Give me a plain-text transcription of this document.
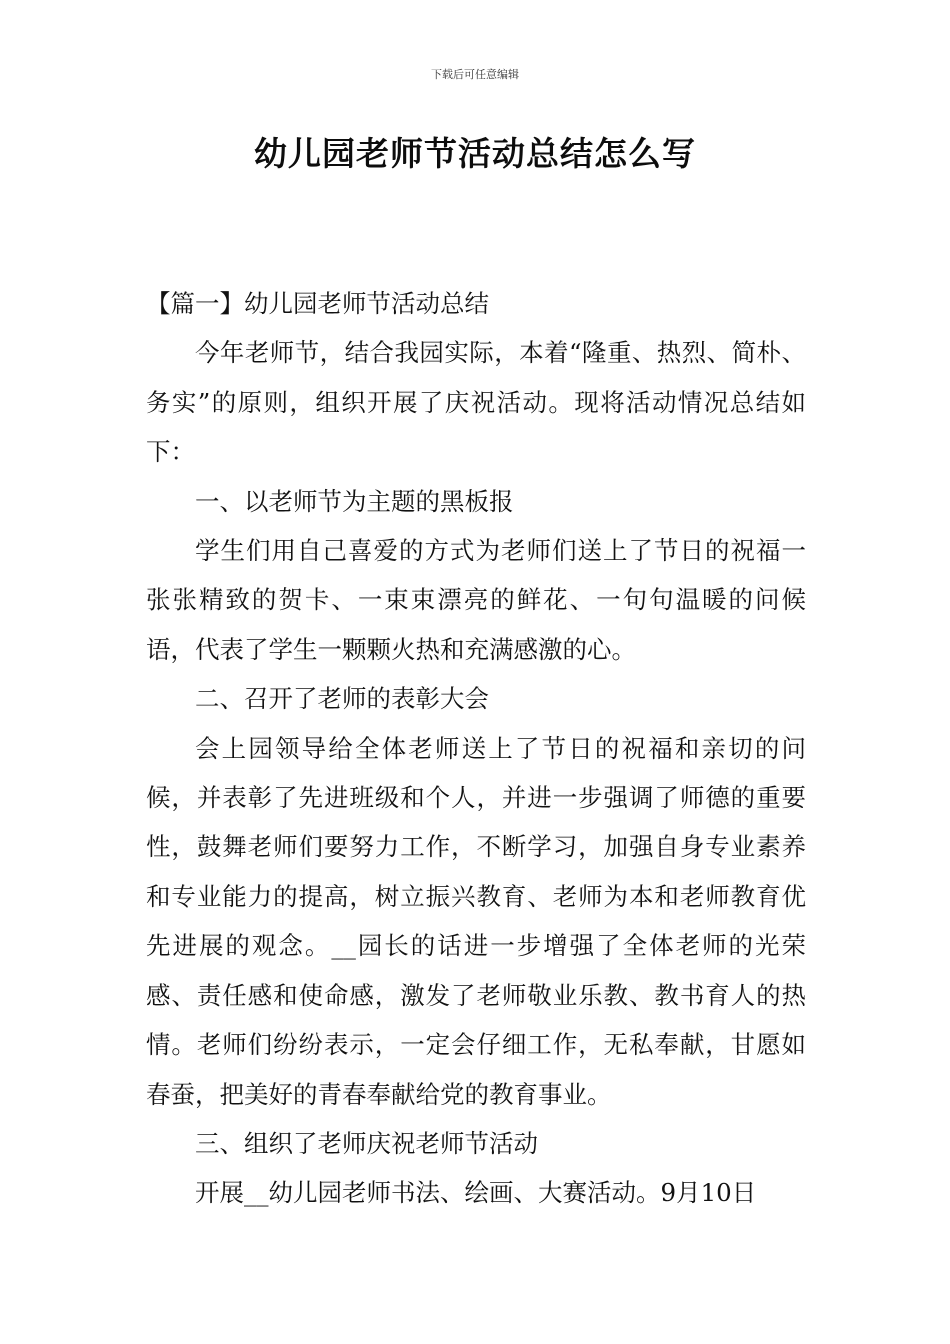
下载后可任意编辑
幼儿园老师节活动总结怎么写

【篇一】幼儿园老师节活动总结

今年老师节，结合我园实际，本着“隆重、热烈、简朴、务实”的原则，组织开展了庆祝活动。现将活动情况总结如下：

一、以老师节为主题的黑板报

学生们用自己喜爱的方式为老师们送上了节日的祝福一张张精致的贺卡、一束束漂亮的鲜花、一句句温暖的问候语，代表了学生一颗颗火热和充满感激的心。

二、召开了老师的表彰大会

会上园领导给全体老师送上了节日的祝福和亲切的问候，并表彰了先进班级和个人，并进一步强调了师德的重要性，鼓舞老师们要努力工作，不断学习，加强自身专业素养和专业能力的提高，树立振兴教育、老师为本和老师教育优先进展的观念。__园长的话进一步增强了全体老师的光荣感、责任感和使命感，激发了老师敬业乐教、教书育人的热情。老师们纷纷表示，一定会仔细工作，无私奉献，甘愿如春蚕，把美好的青春奉献给党的教育事业。

三、组织了老师庆祝老师节活动

开展__幼儿园老师书法、绘画、大赛活动。9月10日
